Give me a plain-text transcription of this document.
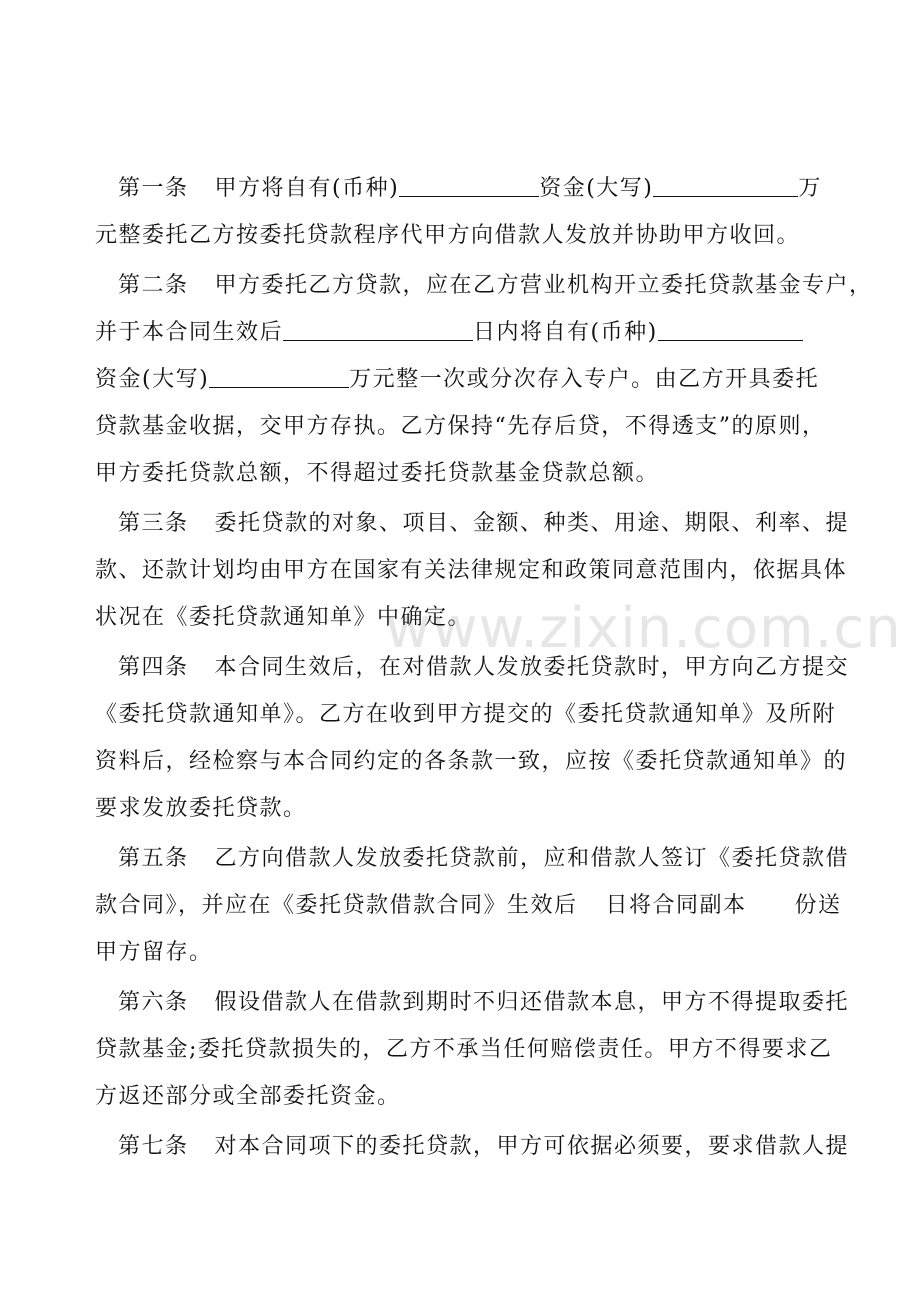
www.zixin.com.cn

第一条 甲方将自有(币种)	资金(大写)	万
元整委托乙方按委托贷款程序代甲方向借款人发放并协助甲方收回。

第二条 甲方委托乙方贷款，应在乙方营业机构开立委托贷款基金专户，
并于本合同生效后	日内将自有(币种)
资金(大写)	万元整一次或分次存入专户。由乙方开具委托
贷款基金收据，交甲方存执。乙方保持“先存后贷，不得透支”的原则，
甲方委托贷款总额，不得超过委托贷款基金贷款总额。

第三条 委托贷款的对象、项目、金额、种类、用途、期限、利率、提
款、还款计划均由甲方在国家有关法律规定和政策同意范围内，依据具体
状况在《委托贷款通知单》中确定。

第四条 本合同生效后，在对借款人发放委托贷款时，甲方向乙方提交
《委托贷款通知单》。乙方在收到甲方提交的《委托贷款通知单》及所附
资料后，经检察与本合同约定的各条款一致，应按《委托贷款通知单》的
要求发放委托贷款。

第五条 乙方向借款人发放委托贷款前，应和借款人签订《委托贷款借
款合同》，并应在《委托贷款借款合同》生效后 日将合同副本 份送
甲方留存。

第六条 假设借款人在借款到期时不归还借款本息，甲方不得提取委托
贷款基金;委托贷款损失的，乙方不承当任何赔偿责任。甲方不得要求乙
方返还部分或全部委托资金。

第七条 对本合同项下的委托贷款，甲方可依据必须要，要求借款人提
